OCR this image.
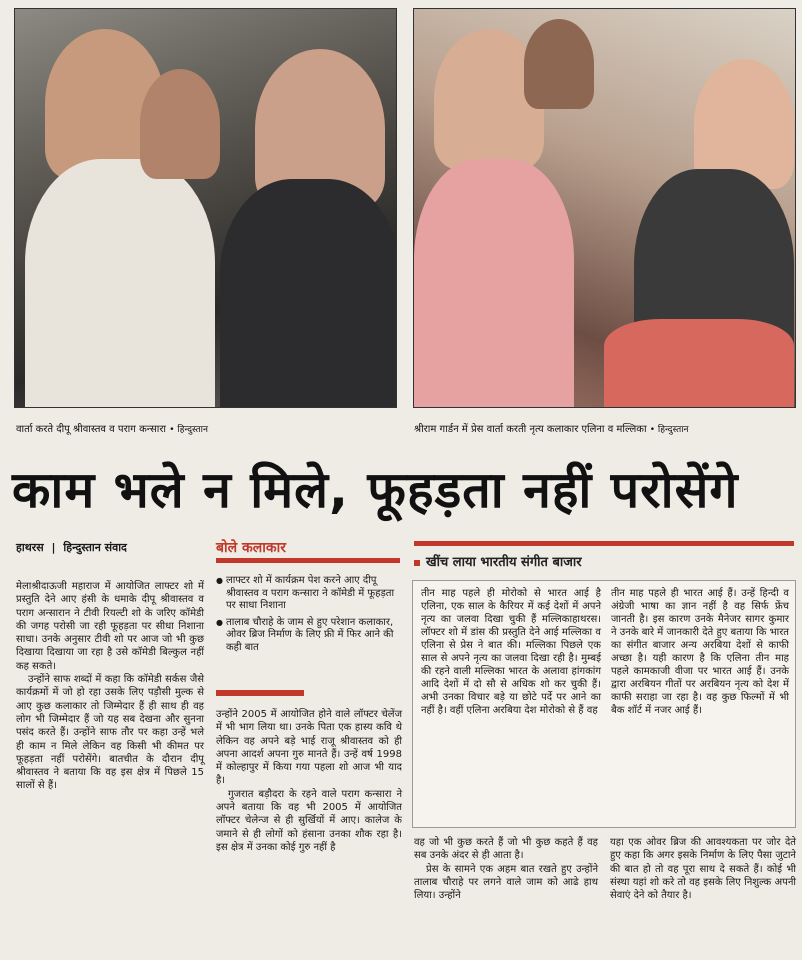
वार्ता करते दीपू श्रीवास्तव व पराग कन्सारा • हिन्दुस्तान	श्रीराम गार्डन में प्रेस वार्ता करती नृत्य कलाकार एलिना व मल्लिका • हिन्दुस्तान
काम भले न मिले, फूहड़ता नहीं परोसेंगे
हाथरस | हिन्दुस्तान संवाद

मेलाश्रीदाऊजी महाराज में आयोजित लाफ्टर शो में प्रस्तुति देने आए हंसी के धमाके दीपू श्रीवास्तव व पराग अन्सारान ने टीवी रियल्टी शो के जरिए कॉमेडी की जगह परोसी जा रही फूहड़ता पर सीधा निशाना साधा। उनके अनुसार टीवी शो पर आज जो भी कुछ दिखाया दिखाया जा रहा है उसे कॉमेडी बिल्कुल नहीं कह सकते।

उन्होंने साफ शब्दों में कहा कि कॉमेडी सर्कस जैसे कार्यक्रमों में जो हो रहा उसके लिए पड़ौसी मुल्क से आए कुछ कलाकार तो जिम्मेदार हैं ही साथ ही वह लोग भी जिम्मेदार हैं जो यह सब देखना और सुनना पसंद करते हैं। उन्होंने साफ तौर पर कहा उन्हें भले ही काम न मिले लेकिन वह किसी भी कीमत पर फूहड़ता नहीं परोसेंगे। बातचीत के दौरान दीपू श्रीवास्तव ने बताया कि वह इस क्षेत्र में पिछले 15 सालों से हैं।

बोले कलाकार
● लाफ्टर शो में कार्यक्रम पेश करने आए दीपू श्रीवास्तव व पराग कन्सारा ने कॉमेडी में फूहड़ता पर साधा निशाना
● तालाब चौराहे के जाम से हुए परेशान कलाकार, ओवर ब्रिज निर्माण के लिए फ्री में फिर आने की कही बात

उन्होंने 2005 में आयोजित होने वाले लॉफ्टर चेलेंज में भी भाग लिया था। उनके पिता एक हास्य कवि थे लेकिन वह अपने बड़े भाई राजू श्रीवास्तव को ही अपना आदर्श अपना गुरु मानते हैं। उन्हें वर्ष 1998 में कोल्हापुर में किया गया पहला शो आज भी याद है।

गुजरात बड़ौदरा के रहने वाले पराग कन्सारा ने अपने बताया कि वह भी 2005 में आयोजित लॉफ्टर चेलेन्ज से ही सुर्खियों में आए। कालेज के जमाने से ही लोगों को हंसाना उनका शौक रहा है। इस क्षेत्र में उनका कोई गुरु नहीं है

खींच लाया भारतीय संगीत बाजार
तीन माह पहले ही मोरोको से भारत आई है एलिना, एक साल के कैरियर में कई देशों में अपने नृत्य का जलवा दिखा चुकी हैं मल्लिकाहाथरस। लॉफ्टर शो में डांस की प्रस्तुति देने आई मल्लिका व एलिना से प्रेस ने बात की। मल्लिका पिछले एक साल से अपने नृत्य का जलवा दिखा रही है। मुम्बई की रहने वाली मल्लिका भारत के अलावा हांगकांग आदि देशों में दो सौ से अधिक शो कर चुकी हैं। अभी उनका विचार बड़े या छोटे पर्दे पर आने का नहीं है। वहीं एलिना अरबिया देश मोरोको से हैं वह
तीन माह पहले ही भारत आई हैं। उन्हें हिन्दी व अंग्रेजी भाषा का ज्ञान नहीं है वह सिर्फ फ्रेंच जानती है। इस कारण उनके मैनेजर सागर कुमार ने उनके बारे में जानकारी देते हुए बताया कि भारत का संगीत बाजार अन्य अरबिया देशों से काफी अच्छा है। यही कारण है कि एलिना तीन माह पहले कामकाजी वीजा पर भारत आई हैं। उनके द्वारा अरबियन गीतों पर अरबियन नृत्य को देश में काफी सराहा जा रहा है। वह कुछ फिल्मों में भी बैक शॉर्ट में नजर आई हैं।

वह जो भी कुछ करते हैं जो भी कुछ कहते हैं वह सब उनके अंदर से ही आता है।

प्रेस के सामने एक अहम बात रखते हुए उन्होंने तालाब चौराहे पर लगने वाले जाम को आढे हाथ लिया। उन्होंने

यहा एक ओवर ब्रिज की आवश्यकता पर जोर देते हुए कहा कि अगर इसके निर्माण के लिए पैसा जुटाने की बात हो तो वह पूरा साथ दे सकते हैं। कोई भी संस्था यहां शो करे तो वह इसके लिए निशुल्क अपनी सेवाएं देने को तैयार है।
